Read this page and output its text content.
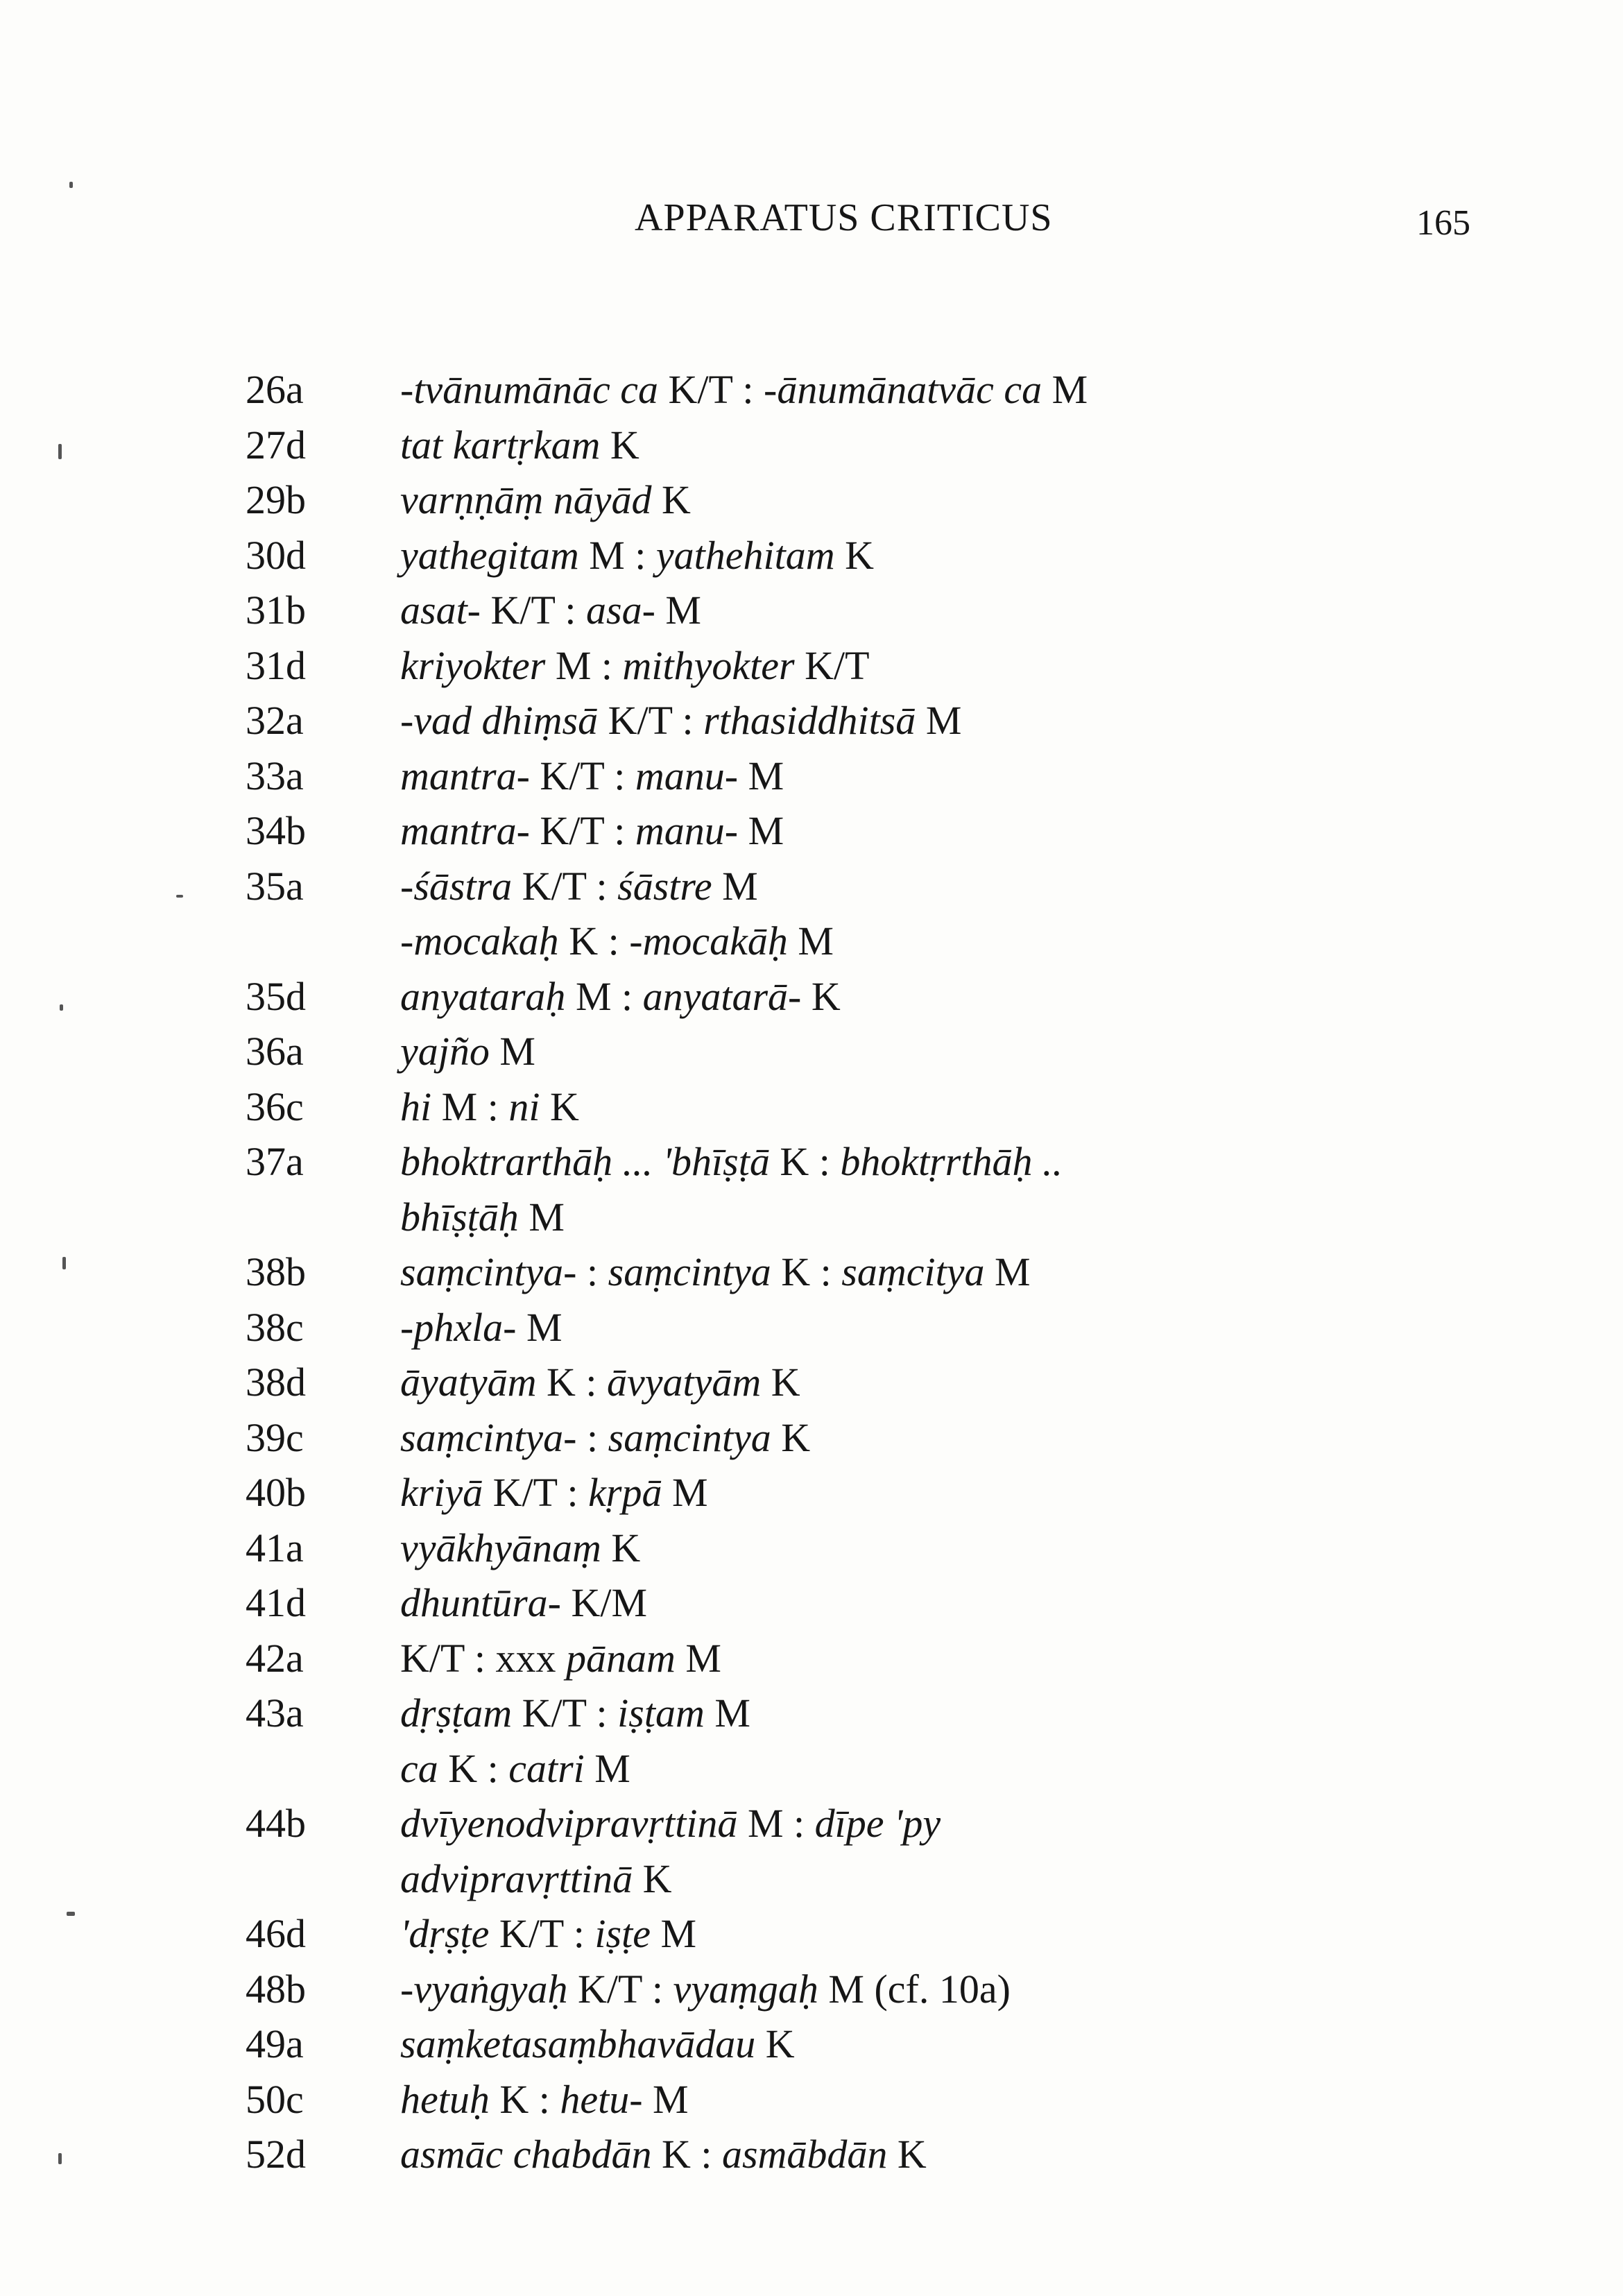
APPARATUS CRITICUS	165
26a	-tvānumānāc ca K/T : -ānumānatvāc ca M
27d	tat kartṛkam K
29b	varṇṇāṃ nāyād K
30d	yathegitam M : yathehitam K
31b	asat- K/T : asa- M
31d	kriyokter M : mithyokter K/T
32a	-vad dhiṃsā K/T : rthasiddhitsā M
33a	mantra- K/T : manu- M
34b	mantra- K/T : manu- M
35a	-śāstra K/T : śāstre M
-mocakaḥ K : -mocakāḥ M
35d	anyataraḥ M : anyatarā- K
36a	yajño M
36c	hi M : ni K
37a	bhoktrarthāḥ ... 'bhīṣṭā K : bhoktṛrthāḥ ..
bhīṣṭāḥ M
38b	saṃcintya- : saṃcintya K : saṃcitya M
38c	-phxla- M
38d	āyatyām K : āvyatyām K
39c	saṃcintya- : saṃcintya K
40b	kriyā K/T : kṛpā M
41a	vyākhyānaṃ K
41d	dhuntūra- K/M
42a	K/T : xxx pānam M
43a	dṛṣṭam K/T : iṣṭam M
ca K : catri M
44b	dvīyenodvipravṛttinā M : dīpe 'py
advipravṛttinā K
46d	'dṛṣṭe K/T : iṣṭe M
48b	-vyaṅgyaḥ K/T : vyaṃgaḥ M (cf. 10a)
49a	saṃketasaṃbhavādau K
50c	hetuḥ K : hetu- M
52d	asmāc chabdān K : asmābdān K
